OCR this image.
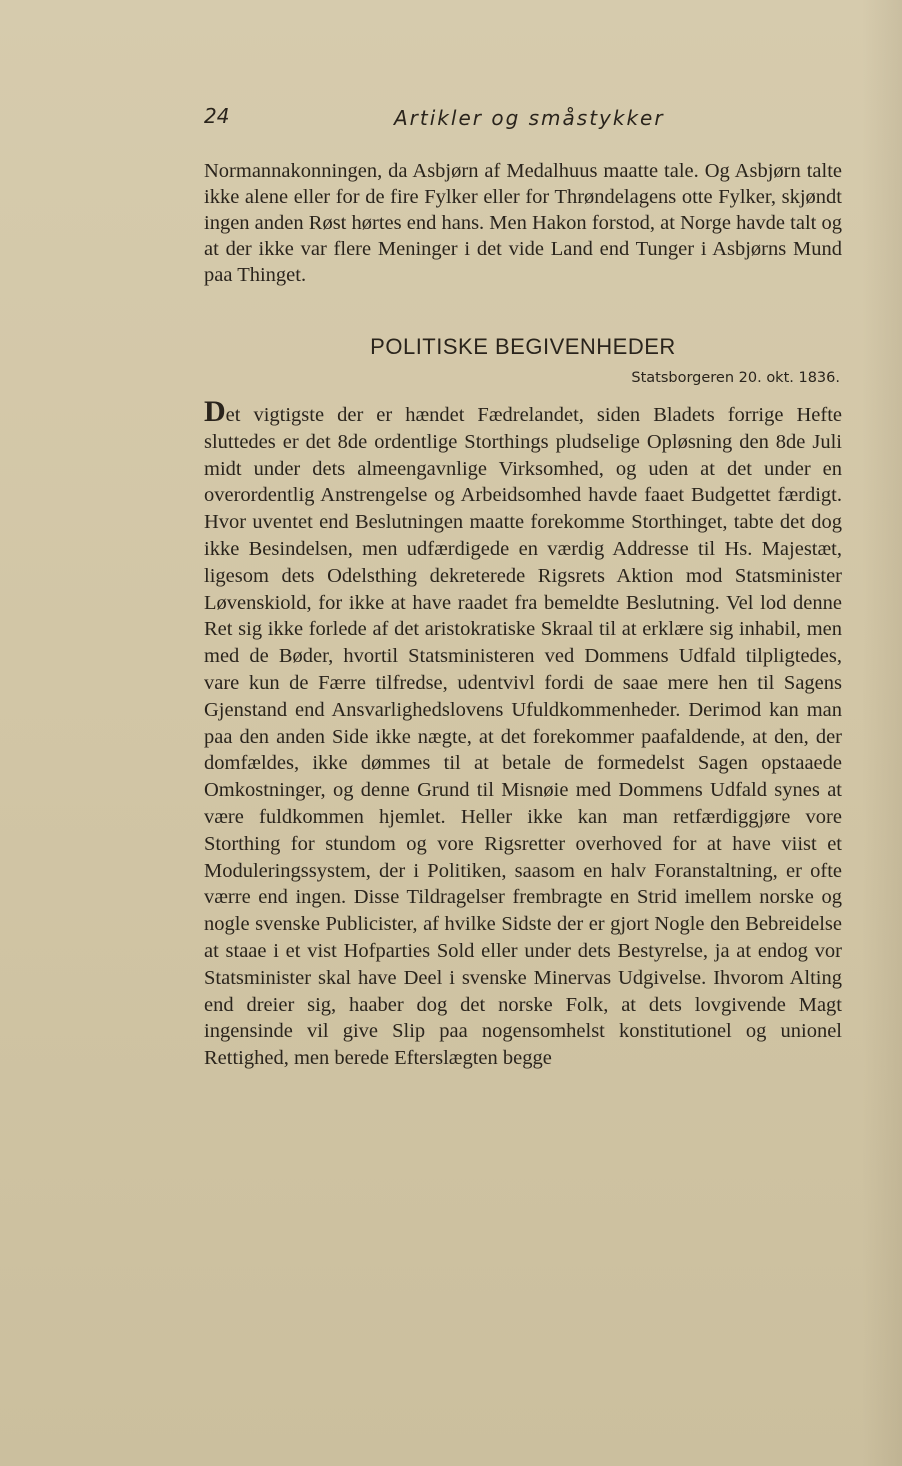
24	Artikler og småstykker

Normannakonningen, da Asbjørn af Medalhuus maatte tale. Og Asbjørn talte ikke alene eller for de fire Fylker eller for Thrøndelagens otte Fylker, skjøndt ingen anden Røst hørtes end hans. Men Hakon forstod, at Norge havde talt og at der ikke var flere Meninger i det vide Land end Tunger i Asbjørns Mund paa Thinget.

POLITISKE BEGIVENHEDER
Statsborgeren 20. okt. 1836.

Det vigtigste der er hændet Fædrelandet, siden Bladets forrige Hefte sluttedes er det 8de ordentlige Storthings pludselige Opløsning den 8de Juli midt under dets almeengavnlige Virksomhed, og uden at det under en overordentlig Anstrengelse og Arbeidsomhed havde faaet Budgettet færdigt. Hvor uventet end Beslutningen maatte forekomme Storthinget, tabte det dog ikke Besindelsen, men udfærdigede en værdig Addresse til Hs. Majestæt, ligesom dets Odelsthing dekreterede Rigsrets Aktion mod Statsminister Løvenskiold, for ikke at have raadet fra bemeldte Beslutning. Vel lod denne Ret sig ikke forlede af det aristokratiske Skraal til at erklære sig inhabil, men med de Bøder, hvortil Statsministeren ved Dommens Udfald tilpligtedes, vare kun de Færre tilfredse, udentvivl fordi de saae mere hen til Sagens Gjenstand end Ansvarlighedslovens Ufuldkommenheder. Derimod kan man paa den anden Side ikke nægte, at det forekommer paafaldende, at den, der domfældes, ikke dømmes til at betale de formedelst Sagen opstaaede Omkostninger, og denne Grund til Misnøie med Dommens Udfald synes at være fuldkommen hjemlet. Heller ikke kan man retfærdiggjøre vore Storthing for stundom og vore Rigsretter overhoved for at have viist et Moduleringssystem, der i Politiken, saasom en halv Foranstaltning, er ofte værre end ingen. Disse Tildragelser frembragte en Strid imellem norske og nogle svenske Publicister, af hvilke Sidste der er gjort Nogle den Bebreidelse at staae i et vist Hofparties Sold eller under dets Bestyrelse, ja at endog vor Statsminister skal have Deel i svenske Minervas Udgivelse. Ihvorom Alting end dreier sig, haaber dog det norske Folk, at dets lovgivende Magt ingensinde vil give Slip paa nogensomhelst konstitutionel og unionel Rettighed, men berede Efterslægten begge
